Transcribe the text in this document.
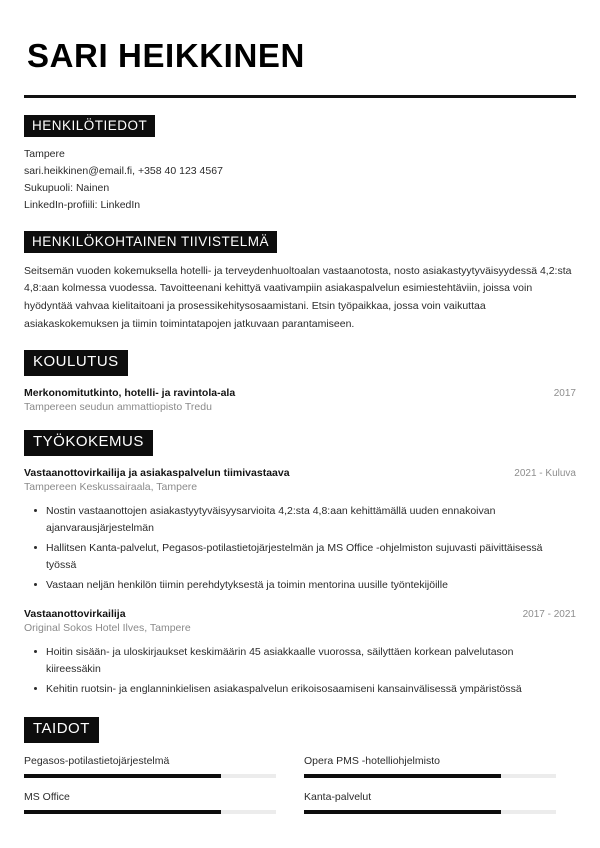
SARI HEIKKINEN
HENKILÖTIEDOT
Tampere
sari.heikkinen@email.fi, +358 40 123 4567
Sukupuoli: Nainen
LinkedIn-profiili: LinkedIn
HENKILÖKOHTAINEN TIIVISTELMÄ

Seitsemän vuoden kokemuksella hotelli- ja terveydenhuoltoalan vastaanotosta, nosto asiakastyytyväisyydessä 4,2:sta 4,8:aan kolmessa vuodessa. Tavoitteenani kehittyä vaativampiin asiakaspalvelun esimiestehtäviin, joissa voin hyödyntää vahvaa kielitaitoani ja prosessikehitysosaamistani. Etsin työpaikkaa, jossa voin vaikuttaa asiakaskokemuksen ja tiimin toimintatapojen jatkuvaan parantamiseen.

KOULUTUS
Merkonomitutkinto, hotelli- ja ravintola-ala	2017
Tampereen seudun ammattiopisto Tredu
TYÖKOKEMUS
Vastaanottovirkailija ja asiakaspalvelun tiimivastaava	2021 - Kuluva
Tampereen Keskussairaala, Tampere
Nostin vastaanottojen asiakastyytyväisyysarvioita 4,2:sta 4,8:aan kehittämällä uuden ennakoivan ajanvarausjärjestelmän
Hallitsen Kanta-palvelut, Pegasos-potilastietojärjestelmän ja MS Office -ohjelmiston sujuvasti päivittäisessä työssä
Vastaan neljän henkilön tiimin perehdytyksestä ja toimin mentorina uusille työntekijöille
Vastaanottovirkailija	2017 - 2021
Original Sokos Hotel Ilves, Tampere
Hoitin sisään- ja uloskirjaukset keskimäärin 45 asiakkaalle vuorossa, säilyttäen korkean palvelutason kiireessäkin
Kehitin ruotsin- ja englanninkielisen asiakaspalvelun erikoisosaamiseni kansainvälisessä ympäristössä
TAIDOT
Pegasos-potilastietojärjestelmä	Opera PMS -hotelliohjelmisto
MS Office	Kanta-palvelut
